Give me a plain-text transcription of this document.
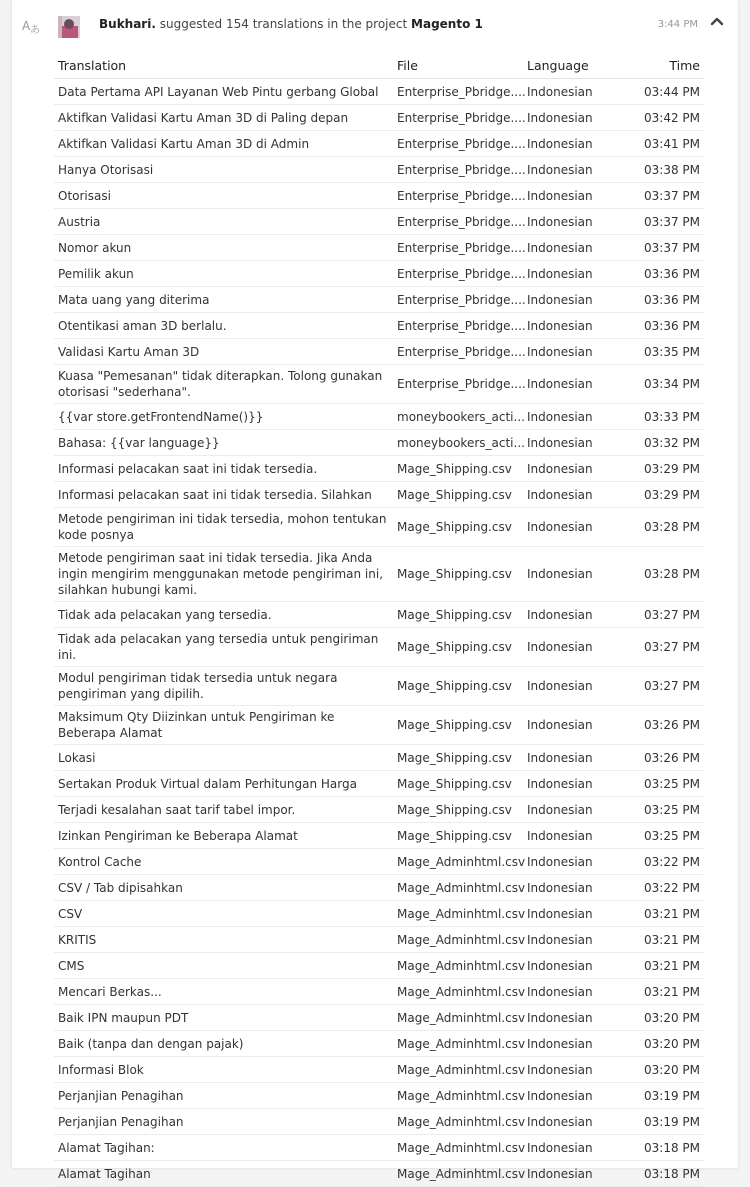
A あ	Bukhari. suggested 154 translations in the project Magento 1	3:44 PM
Translation	File	Language	Time
Data Pertama API Layanan Web Pintu gerbang Global	Enterprise_Pbridge....	Indonesian	03:44 PM
Aktifkan Validasi Kartu Aman 3D di Paling depan	Enterprise_Pbridge....	Indonesian	03:42 PM
Aktifkan Validasi Kartu Aman 3D di Admin	Enterprise_Pbridge....	Indonesian	03:41 PM
Hanya Otorisasi	Enterprise_Pbridge....	Indonesian	03:38 PM
Otorisasi	Enterprise_Pbridge....	Indonesian	03:37 PM
Austria	Enterprise_Pbridge....	Indonesian	03:37 PM
Nomor akun	Enterprise_Pbridge....	Indonesian	03:37 PM
Pemilik akun	Enterprise_Pbridge....	Indonesian	03:36 PM
Mata uang yang diterima	Enterprise_Pbridge....	Indonesian	03:36 PM
Otentikasi aman 3D berlalu.	Enterprise_Pbridge....	Indonesian	03:36 PM
Validasi Kartu Aman 3D	Enterprise_Pbridge....	Indonesian	03:35 PM
Kuasa "Pemesanan" tidak diterapkan. Tolong gunakan otorisasi "sederhana".	Enterprise_Pbridge....	Indonesian	03:34 PM
{{var store.getFrontendName()}}	moneybookers_acti...	Indonesian	03:33 PM
Bahasa: {{var language}}	moneybookers_acti...	Indonesian	03:32 PM
Informasi pelacakan saat ini tidak tersedia.	Mage_Shipping.csv	Indonesian	03:29 PM
Informasi pelacakan saat ini tidak tersedia. Silahkan	Mage_Shipping.csv	Indonesian	03:29 PM
Metode pengiriman ini tidak tersedia, mohon tentukan kode posnya	Mage_Shipping.csv	Indonesian	03:28 PM
Metode pengiriman saat ini tidak tersedia. Jika Anda ingin mengirim menggunakan metode pengiriman ini, silahkan hubungi kami.	Mage_Shipping.csv	Indonesian	03:28 PM
Tidak ada pelacakan yang tersedia.	Mage_Shipping.csv	Indonesian	03:27 PM
Tidak ada pelacakan yang tersedia untuk pengiriman ini.	Mage_Shipping.csv	Indonesian	03:27 PM
Modul pengiriman tidak tersedia untuk negara pengiriman yang dipilih.	Mage_Shipping.csv	Indonesian	03:27 PM
Maksimum Qty Diizinkan untuk Pengiriman ke Beberapa Alamat	Mage_Shipping.csv	Indonesian	03:26 PM
Lokasi	Mage_Shipping.csv	Indonesian	03:26 PM
Sertakan Produk Virtual dalam Perhitungan Harga	Mage_Shipping.csv	Indonesian	03:25 PM
Terjadi kesalahan saat tarif tabel impor.	Mage_Shipping.csv	Indonesian	03:25 PM
Izinkan Pengiriman ke Beberapa Alamat	Mage_Shipping.csv	Indonesian	03:25 PM
Kontrol Cache	Mage_Adminhtml.csv	Indonesian	03:22 PM
CSV / Tab dipisahkan	Mage_Adminhtml.csv	Indonesian	03:22 PM
CSV	Mage_Adminhtml.csv	Indonesian	03:21 PM
KRITIS	Mage_Adminhtml.csv	Indonesian	03:21 PM
CMS	Mage_Adminhtml.csv	Indonesian	03:21 PM
Mencari Berkas...	Mage_Adminhtml.csv	Indonesian	03:21 PM
Baik IPN maupun PDT	Mage_Adminhtml.csv	Indonesian	03:20 PM
Baik (tanpa dan dengan pajak)	Mage_Adminhtml.csv	Indonesian	03:20 PM
Informasi Blok	Mage_Adminhtml.csv	Indonesian	03:20 PM
Perjanjian Penagihan	Mage_Adminhtml.csv	Indonesian	03:19 PM
Perjanjian Penagihan	Mage_Adminhtml.csv	Indonesian	03:19 PM
Alamat Tagihan:	Mage_Adminhtml.csv	Indonesian	03:18 PM
Alamat Tagihan	Mage_Adminhtml.csv	Indonesian	03:18 PM
